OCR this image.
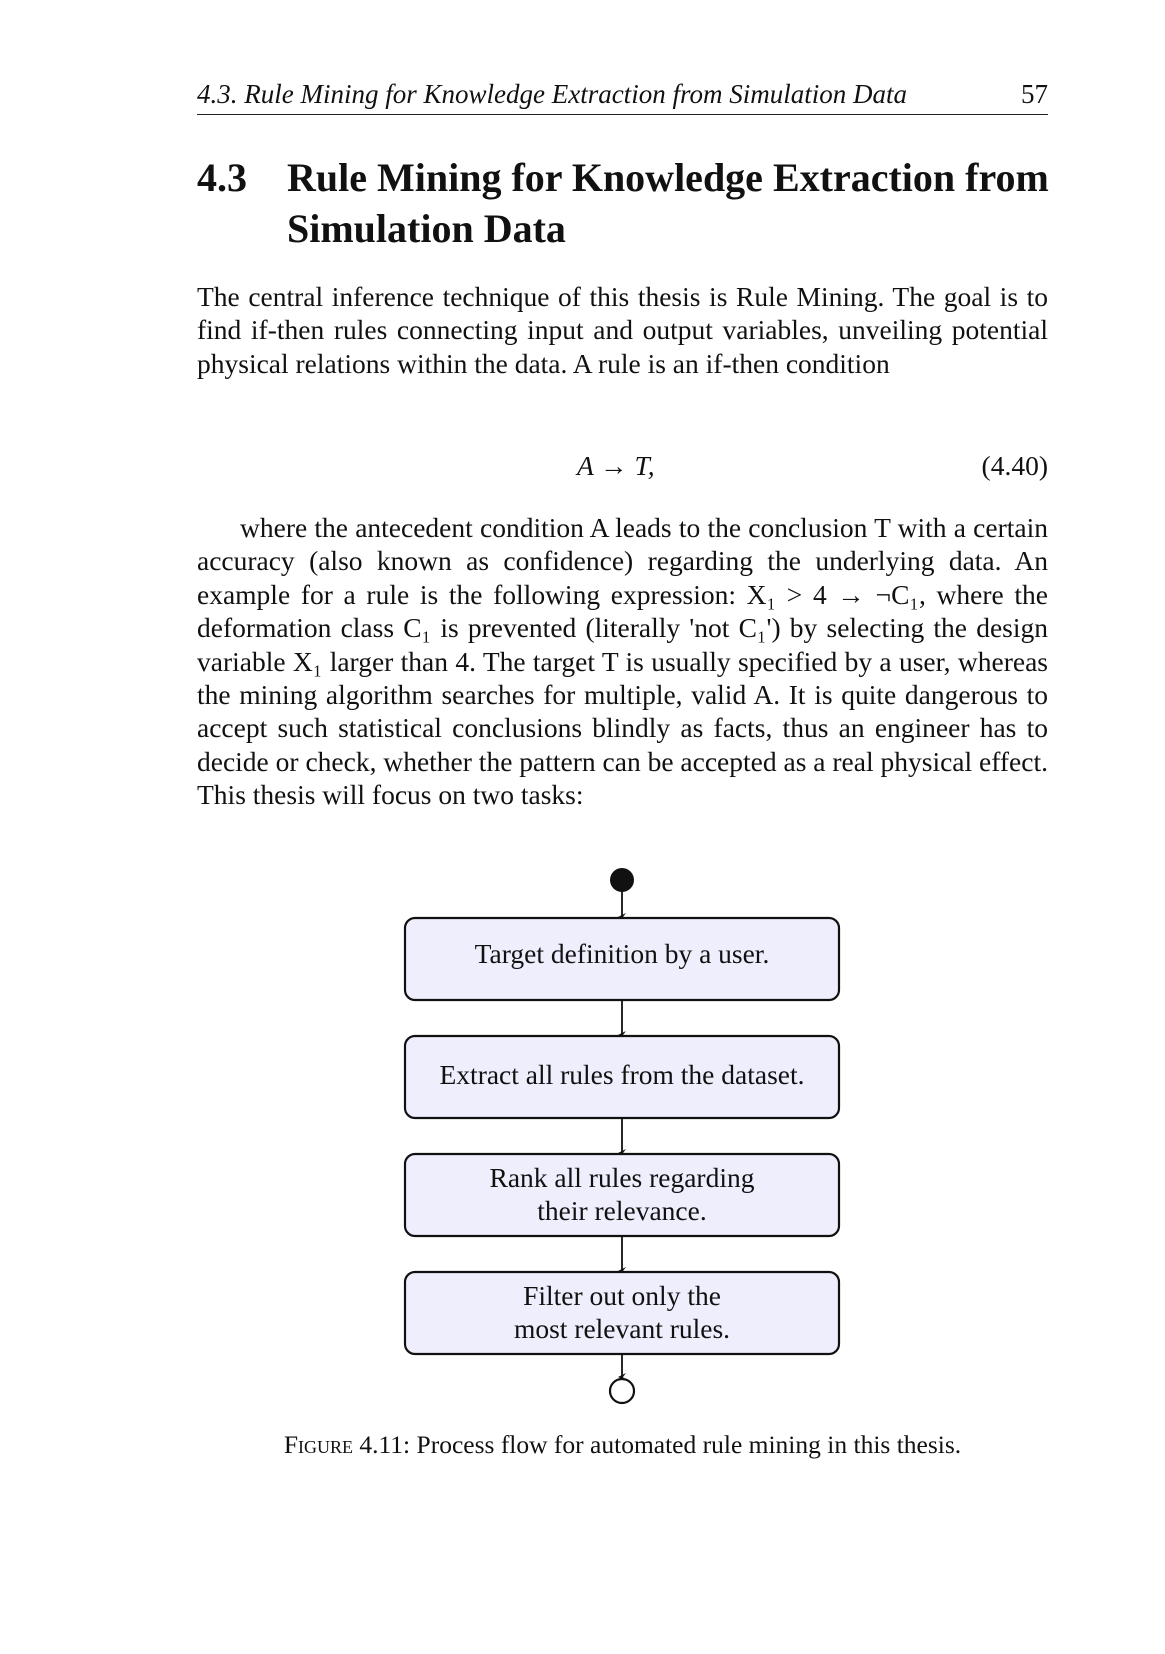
4.3. Rule Mining for Knowledge Extraction from Simulation Data	57
4.3 Rule Mining for Knowledge Extraction from Simulation Data

The central inference technique of this thesis is Rule Mining. The goal is to find if-then rules connecting input and output variables, unveiling potential physical relations within the data. A rule is an if-then condition

A → T,	(4.40)

where the antecedent condition A leads to the conclusion T with a certain accuracy (also known as confidence) regarding the underlying data. An example for a rule is the following expression: X₁ > 4 → ¬C₁, where the deformation class C₁ is prevented (literally 'not C₁') by selecting the design variable X₁ larger than 4. The target T is usually specified by a user, whereas the mining algorithm searches for multiple, valid A. It is quite dangerous to accept such statistical conclusions blindly as facts, thus an engineer has to decide or check, whether the pattern can be accepted as a real physical effect. This thesis will focus on two tasks:

Target definition by a user.
Extract all rules from the dataset.
Rank all rules regarding their relevance.
Filter out only the most relevant rules.
Figure 4.11: Process flow for automated rule mining in this thesis.
